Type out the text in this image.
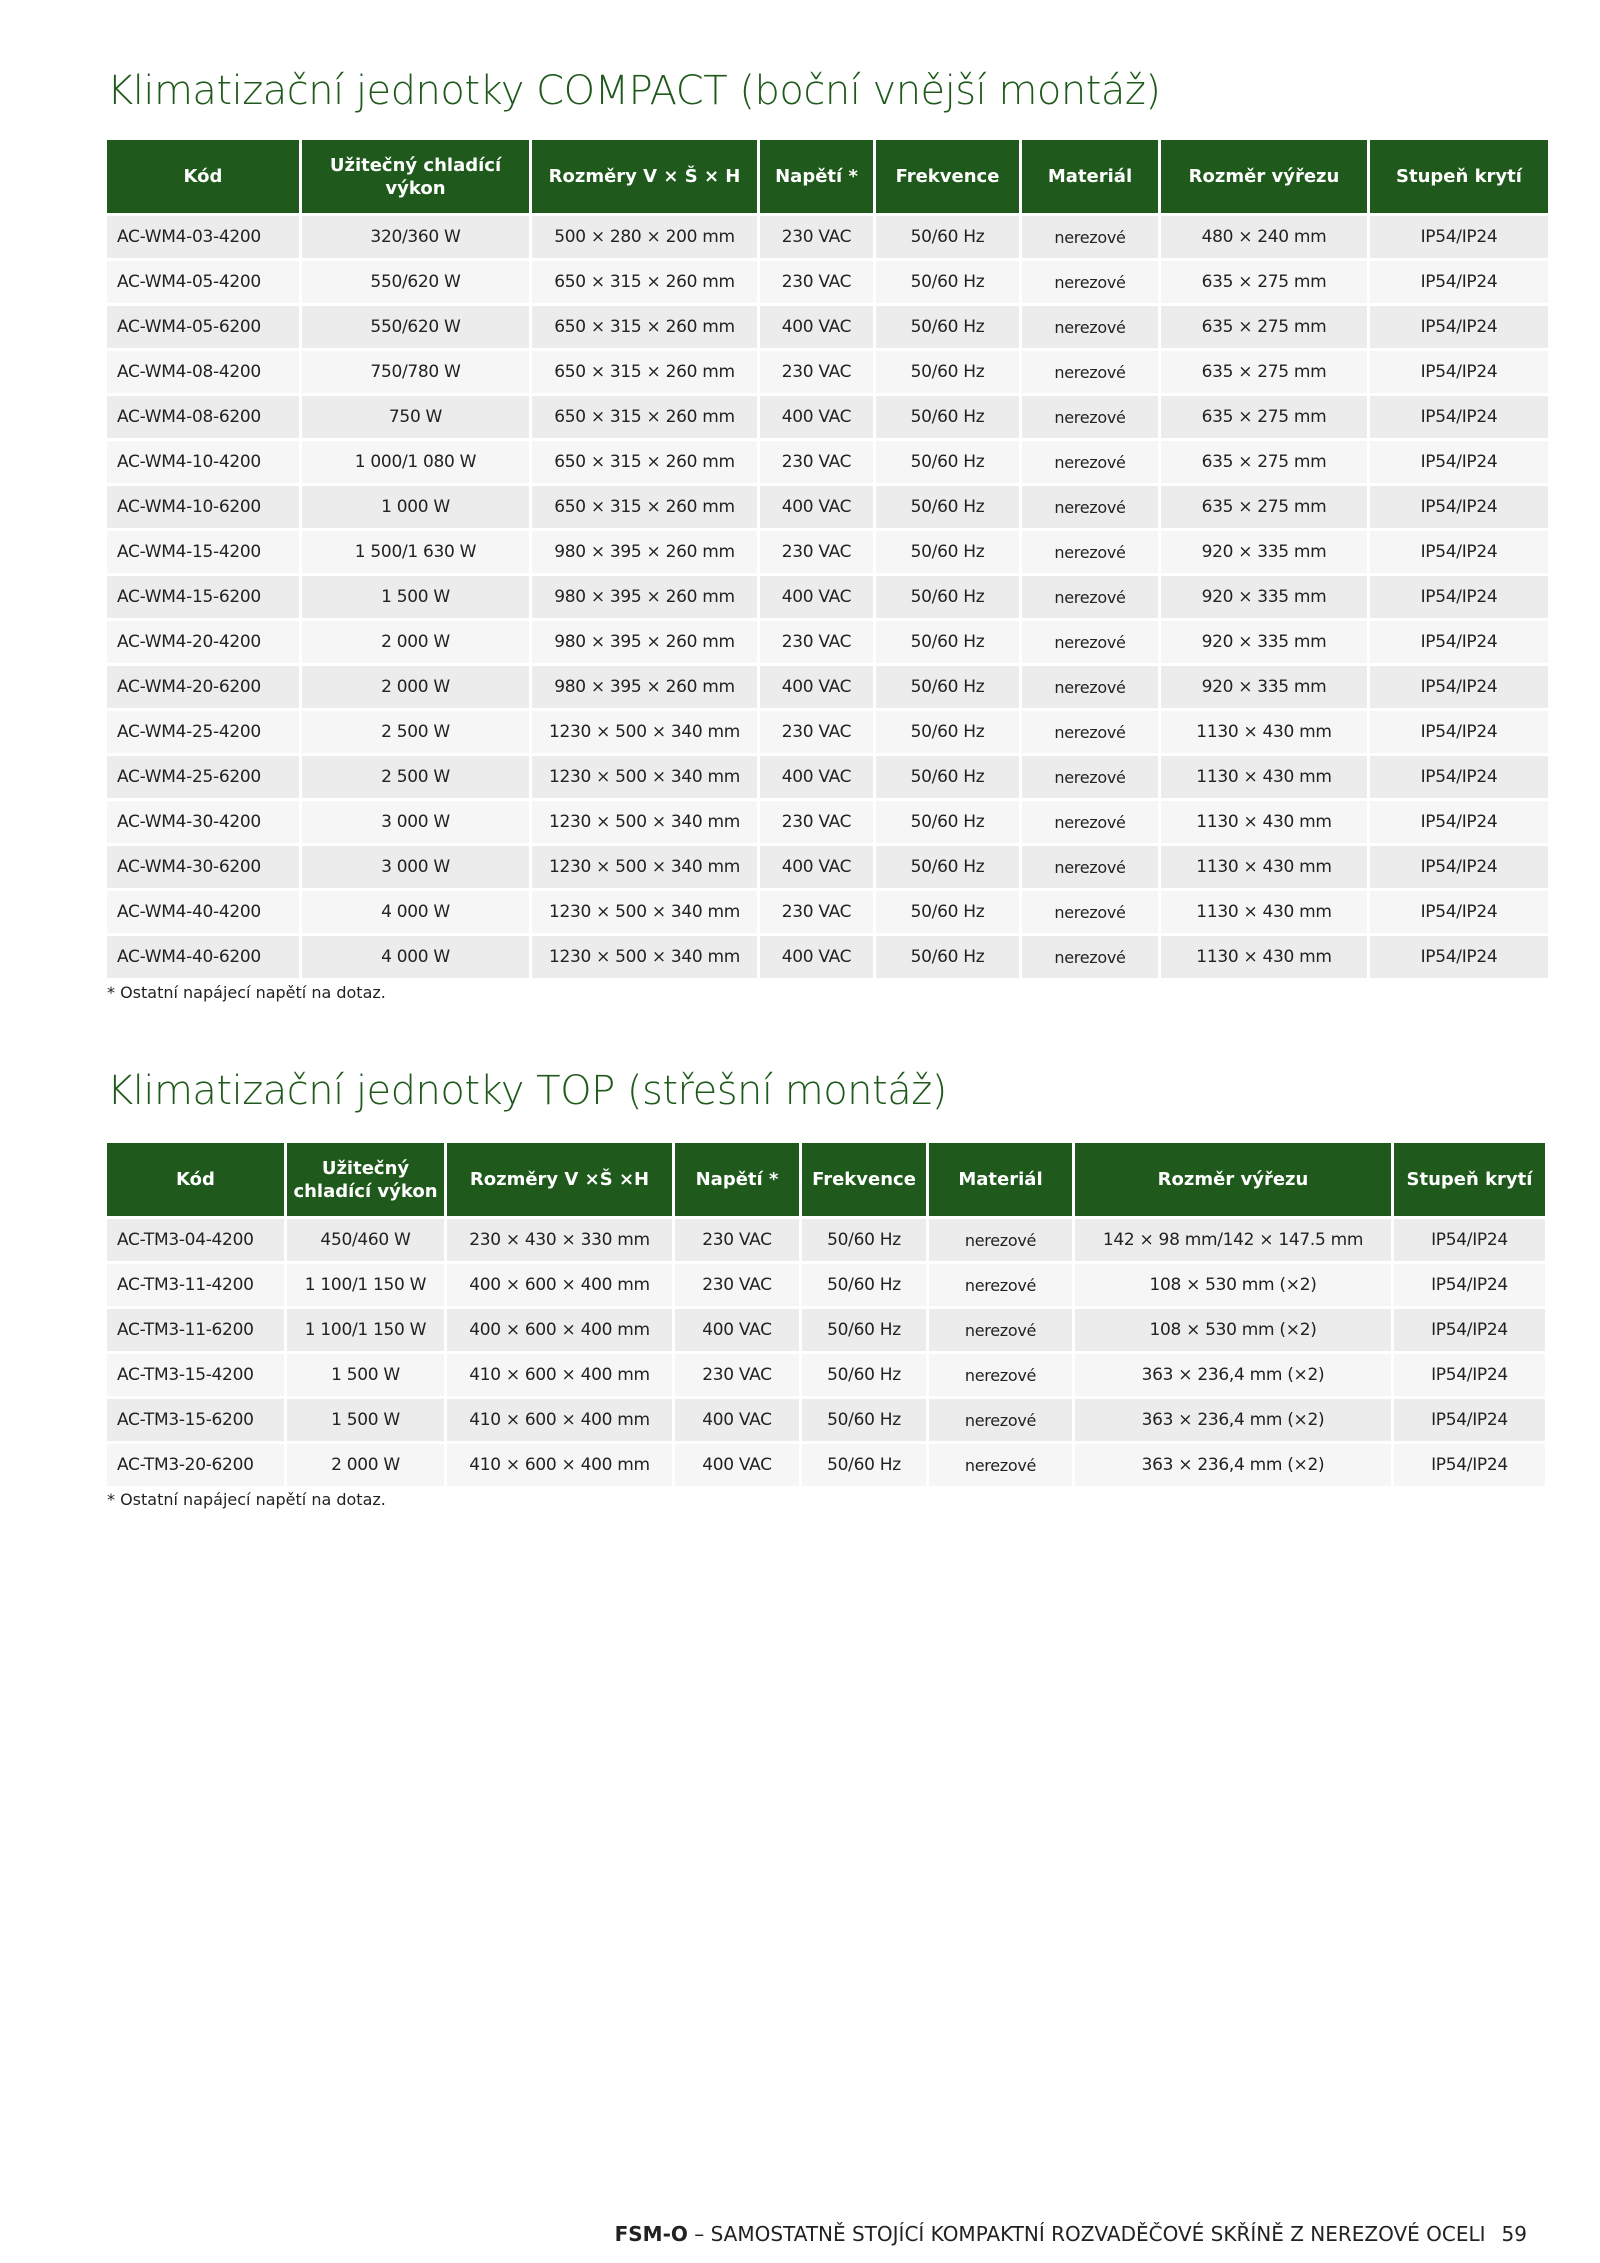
Klimatizační jednotky COMPACT (boční vnější montáž)
Kód	Užitečný chladící výkon	Rozměry V × Š × H	Napětí *	Frekvence	Materiál	Rozměr výřezu	Stupeň krytí
AC-WM4-03-4200	320/360 W	500 × 280 × 200 mm	230 VAC	50/60 Hz	nerezové	480 × 240 mm	IP54/IP24
AC-WM4-05-4200	550/620 W	650 × 315 × 260 mm	230 VAC	50/60 Hz	nerezové	635 × 275 mm	IP54/IP24
AC-WM4-05-6200	550/620 W	650 × 315 × 260 mm	400 VAC	50/60 Hz	nerezové	635 × 275 mm	IP54/IP24
AC-WM4-08-4200	750/780 W	650 × 315 × 260 mm	230 VAC	50/60 Hz	nerezové	635 × 275 mm	IP54/IP24
AC-WM4-08-6200	750 W	650 × 315 × 260 mm	400 VAC	50/60 Hz	nerezové	635 × 275 mm	IP54/IP24
AC-WM4-10-4200	1 000/1 080 W	650 × 315 × 260 mm	230 VAC	50/60 Hz	nerezové	635 × 275 mm	IP54/IP24
AC-WM4-10-6200	1 000 W	650 × 315 × 260 mm	400 VAC	50/60 Hz	nerezové	635 × 275 mm	IP54/IP24
AC-WM4-15-4200	1 500/1 630 W	980 × 395 × 260 mm	230 VAC	50/60 Hz	nerezové	920 × 335 mm	IP54/IP24
AC-WM4-15-6200	1 500 W	980 × 395 × 260 mm	400 VAC	50/60 Hz	nerezové	920 × 335 mm	IP54/IP24
AC-WM4-20-4200	2 000 W	980 × 395 × 260 mm	230 VAC	50/60 Hz	nerezové	920 × 335 mm	IP54/IP24
AC-WM4-20-6200	2 000 W	980 × 395 × 260 mm	400 VAC	50/60 Hz	nerezové	920 × 335 mm	IP54/IP24
AC-WM4-25-4200	2 500 W	1230 × 500 × 340 mm	230 VAC	50/60 Hz	nerezové	1130 × 430 mm	IP54/IP24
AC-WM4-25-6200	2 500 W	1230 × 500 × 340 mm	400 VAC	50/60 Hz	nerezové	1130 × 430 mm	IP54/IP24
AC-WM4-30-4200	3 000 W	1230 × 500 × 340 mm	230 VAC	50/60 Hz	nerezové	1130 × 430 mm	IP54/IP24
AC-WM4-30-6200	3 000 W	1230 × 500 × 340 mm	400 VAC	50/60 Hz	nerezové	1130 × 430 mm	IP54/IP24
AC-WM4-40-4200	4 000 W	1230 × 500 × 340 mm	230 VAC	50/60 Hz	nerezové	1130 × 430 mm	IP54/IP24
AC-WM4-40-6200	4 000 W	1230 × 500 × 340 mm	400 VAC	50/60 Hz	nerezové	1130 × 430 mm	IP54/IP24
* Ostatní napájecí napětí na dotaz.
Klimatizační jednotky TOP (střešní montáž)
Kód	Užitečný chladící výkon	Rozměry V ×Š ×H	Napětí *	Frekvence	Materiál	Rozměr výřezu	Stupeň krytí
AC-TM3-04-4200	450/460 W	230 × 430 × 330 mm	230 VAC	50/60 Hz	nerezové	142 × 98 mm/142 × 147.5 mm	IP54/IP24
AC-TM3-11-4200	1 100/1 150 W	400 × 600 × 400 mm	230 VAC	50/60 Hz	nerezové	108 × 530 mm (×2)	IP54/IP24
AC-TM3-11-6200	1 100/1 150 W	400 × 600 × 400 mm	400 VAC	50/60 Hz	nerezové	108 × 530 mm (×2)	IP54/IP24
AC-TM3-15-4200	1 500 W	410 × 600 × 400 mm	230 VAC	50/60 Hz	nerezové	363 × 236,4 mm (×2)	IP54/IP24
AC-TM3-15-6200	1 500 W	410 × 600 × 400 mm	400 VAC	50/60 Hz	nerezové	363 × 236,4 mm (×2)	IP54/IP24
AC-TM3-20-6200	2 000 W	410 × 600 × 400 mm	400 VAC	50/60 Hz	nerezové	363 × 236,4 mm (×2)	IP54/IP24
* Ostatní napájecí napětí na dotaz.
FSM-O – SAMOSTATNĚ STOJÍCÍ KOMPAKTNÍ ROZVADĚČOVÉ SKŘÍNĚ Z NEREZOVÉ OCELI 59
